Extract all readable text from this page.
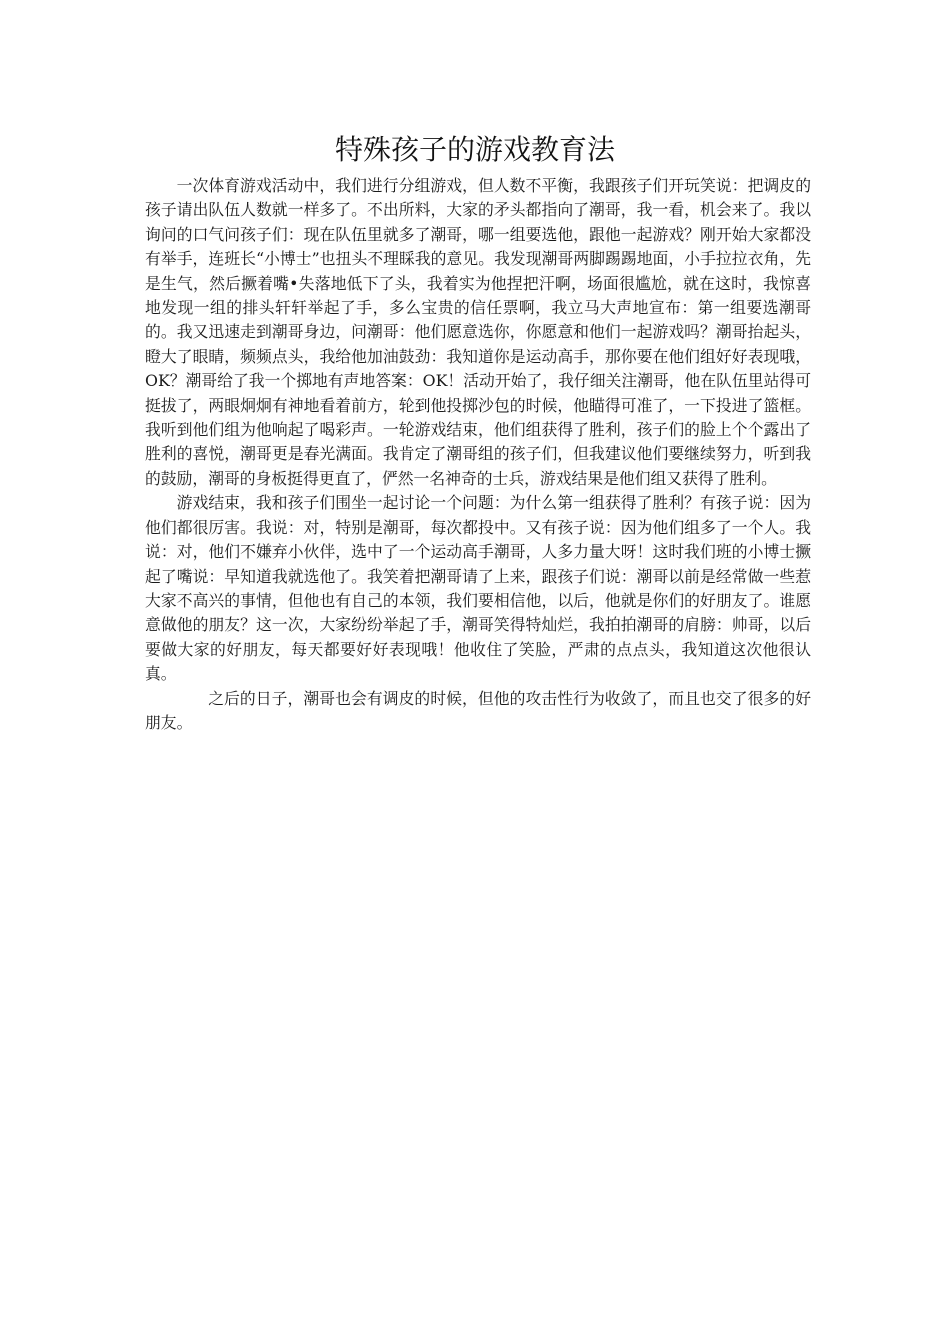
特殊孩子的游戏教育法

一次体育游戏活动中，我们进行分组游戏，但人数不平衡，我跟孩子们开玩笑说：把调皮的孩子请出队伍人数就一样多了。不出所料，大家的矛头都指向了潮哥，我一看，机会来了。我以询问的口气问孩子们：现在队伍里就多了潮哥，哪一组要选他，跟他一起游戏？刚开始大家都没有举手，连班长“小博士”也扭头不理睬我的意见。我发现潮哥两脚踢踢地面，小手拉拉衣角，先是生气，然后撅着嘴•失落地低下了头，我着实为他捏把汗啊，场面很尴尬，就在这时，我惊喜地发现一组的排头轩轩举起了手，多么宝贵的信任票啊，我立马大声地宣布：第一组要选潮哥的。我又迅速走到潮哥身边，问潮哥：他们愿意选你，你愿意和他们一起游戏吗？潮哥抬起头，瞪大了眼睛，频频点头，我给他加油鼓劲：我知道你是运动高手，那你要在他们组好好表现哦，OK？潮哥给了我一个掷地有声地答案：OK！活动开始了，我仔细关注潮哥，他在队伍里站得可挺拔了，两眼炯炯有神地看着前方，轮到他投掷沙包的时候，他瞄得可准了，一下投进了篮框。我听到他们组为他响起了喝彩声。一轮游戏结束，他们组获得了胜利，孩子们的脸上个个露出了胜利的喜悦，潮哥更是春光满面。我肯定了潮哥组的孩子们，但我建议他们要继续努力，听到我的鼓励，潮哥的身板挺得更直了，俨然一名神奇的士兵，游戏结果是他们组又获得了胜利。

游戏结束，我和孩子们围坐一起讨论一个问题：为什么第一组获得了胜利？有孩子说：因为他们都很厉害。我说：对，特别是潮哥，每次都投中。又有孩子说：因为他们组多了一个人。我说：对，他们不嫌弃小伙伴，选中了一个运动高手潮哥，人多力量大呀！这时我们班的小博士撅起了嘴说：早知道我就选他了。我笑着把潮哥请了上来，跟孩子们说：潮哥以前是经常做一些惹大家不高兴的事情，但他也有自己的本领，我们要相信他，以后，他就是你们的好朋友了。谁愿意做他的朋友？这一次，大家纷纷举起了手，潮哥笑得特灿烂，我拍拍潮哥的肩膀：帅哥，以后要做大家的好朋友，每天都要好好表现哦！他收住了笑脸，严肃的点点头，我知道这次他很认真。

之后的日子，潮哥也会有调皮的时候，但他的攻击性行为收敛了，而且也交了很多的好朋友。
